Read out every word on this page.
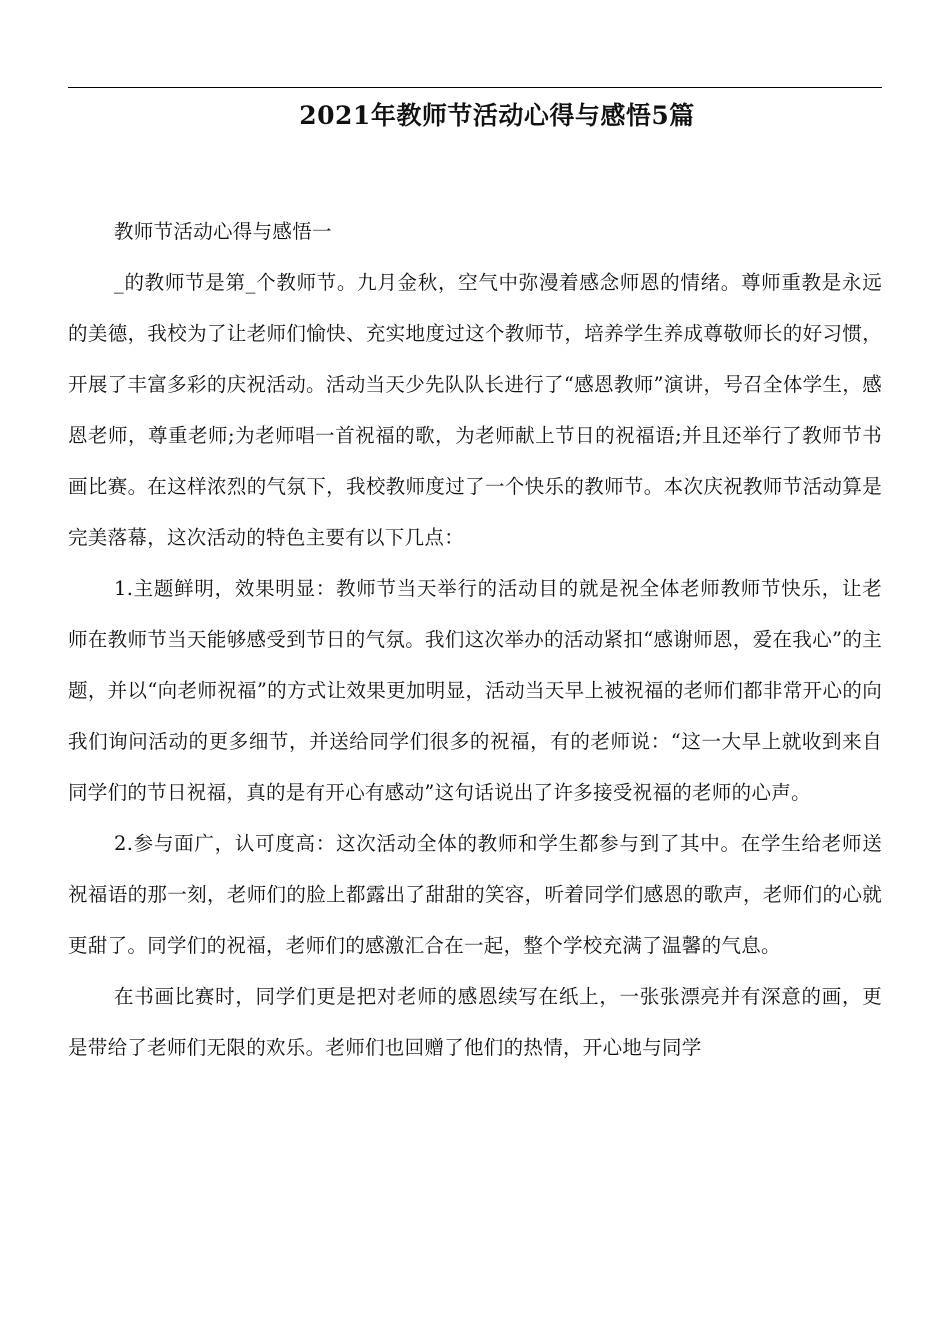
2021年教师节活动心得与感悟5篇

教师节活动心得与感悟一

_的教师节是第_个教师节。九月金秋，空气中弥漫着感念师恩的情绪。尊师重教是永远的美德，我校为了让老师们愉快、充实地度过这个教师节，培养学生养成尊敬师长的好习惯，开展了丰富多彩的庆祝活动。活动当天少先队队长进行了“感恩教师”演讲，号召全体学生，感恩老师，尊重老师;为老师唱一首祝福的歌，为老师献上节日的祝福语;并且还举行了教师节书画比赛。在这样浓烈的气氛下，我校教师度过了一个快乐的教师节。本次庆祝教师节活动算是完美落幕，这次活动的特色主要有以下几点：

1.主题鲜明，效果明显：教师节当天举行的活动目的就是祝全体老师教师节快乐，让老师在教师节当天能够感受到节日的气氛。我们这次举办的活动紧扣“感谢师恩，爱在我心”的主题，并以“向老师祝福”的方式让效果更加明显，活动当天早上被祝福的老师们都非常开心的向我们询问活动的更多细节，并送给同学们很多的祝福，有的老师说：“这一大早上就收到来自同学们的节日祝福，真的是有开心有感动”这句话说出了许多接受祝福的老师的心声。

2.参与面广，认可度高：这次活动全体的教师和学生都参与到了其中。在学生给老师送祝福语的那一刻，老师们的脸上都露出了甜甜的笑容，听着同学们感恩的歌声，老师们的心就更甜了。同学们的祝福，老师们的感激汇合在一起，整个学校充满了温馨的气息。

在书画比赛时，同学们更是把对老师的感恩续写在纸上，一张张漂亮并有深意的画，更是带给了老师们无限的欢乐。老师们也回赠了他们的热情，开心地与同学
